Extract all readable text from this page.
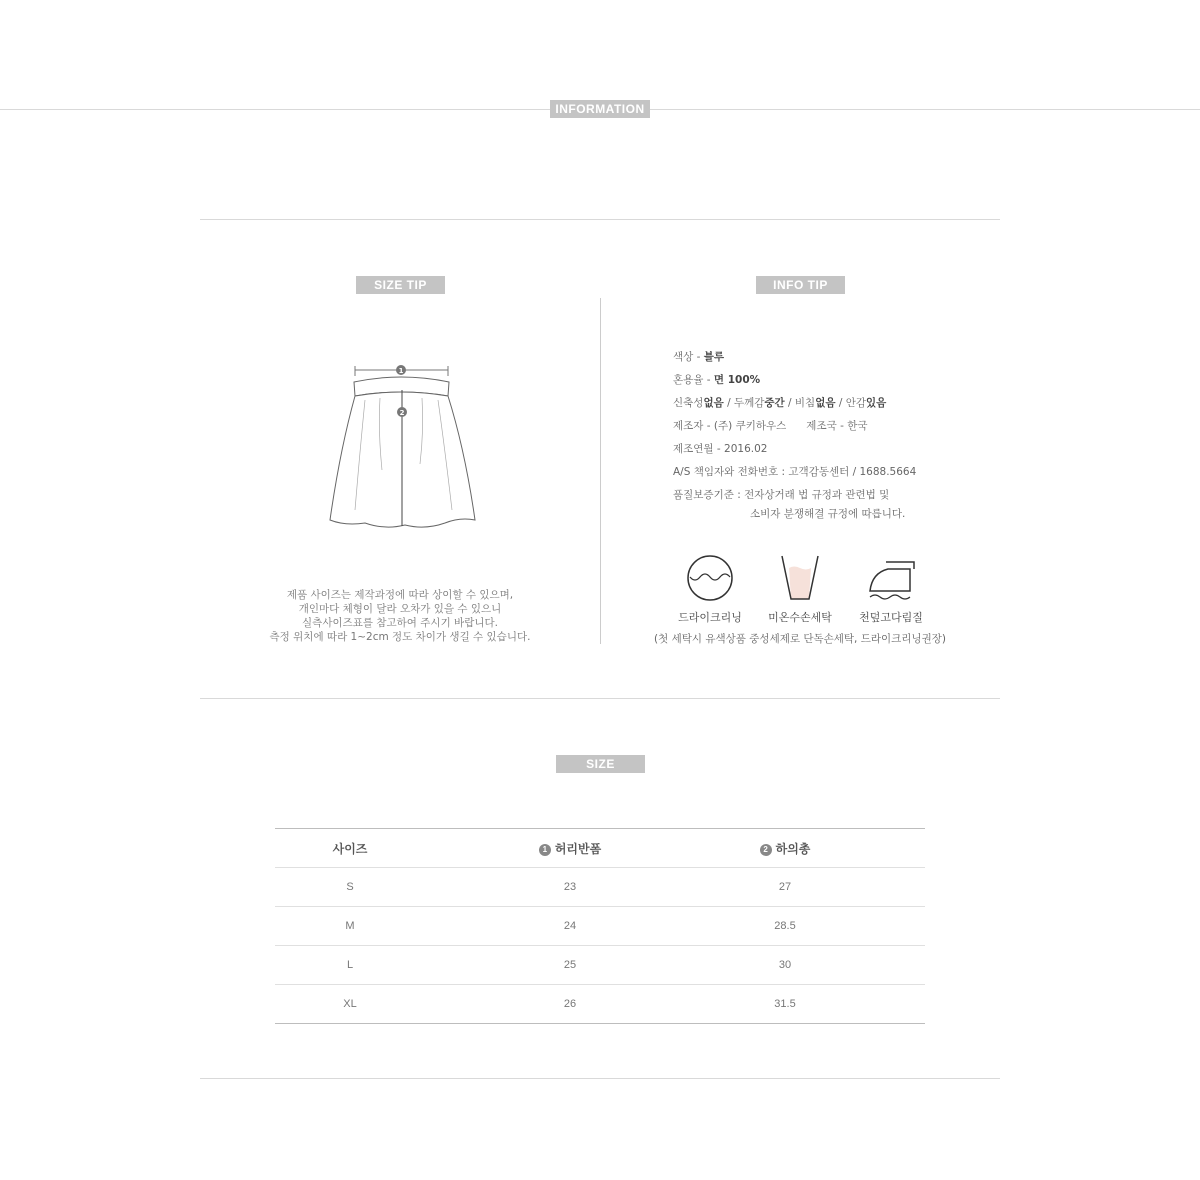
INFORMATION
SIZE TIP
1
2
제품 사이즈는 제작과정에 따라 상이할 수 있으며,
개인마다 체형이 달라 오차가 있을 수 있으니
실측사이즈표를 참고하여 주시기 바랍니다.
측정 위치에 따라 1~2cm 정도 차이가 생길 수 있습니다.
INFO TIP
색상 - 블루
혼용율 - 면 100%
신축성없음 / 두께감중간 / 비침없음 / 안감있음
제조자 - (주) 쿠키하우스 제조국 - 한국
제조연월 - 2016.02
A/S 책임자와 전화번호 : 고객감동센터 / 1688.5664
품질보증기준 : 전자상거래 법 규정과 관련법 및
소비자 분쟁해결 규정에 따릅니다.
드라이크리닝	미온수손세탁	천덮고다림질
(첫 세탁시 유색상품 중성세제로 단독손세탁, 드라이크리닝권장)
SIZE
사이즈	1 허리반폼	2 하의총	
S	23	27	
M	24	28.5	
L	25	30	
XL	26	31.5	
